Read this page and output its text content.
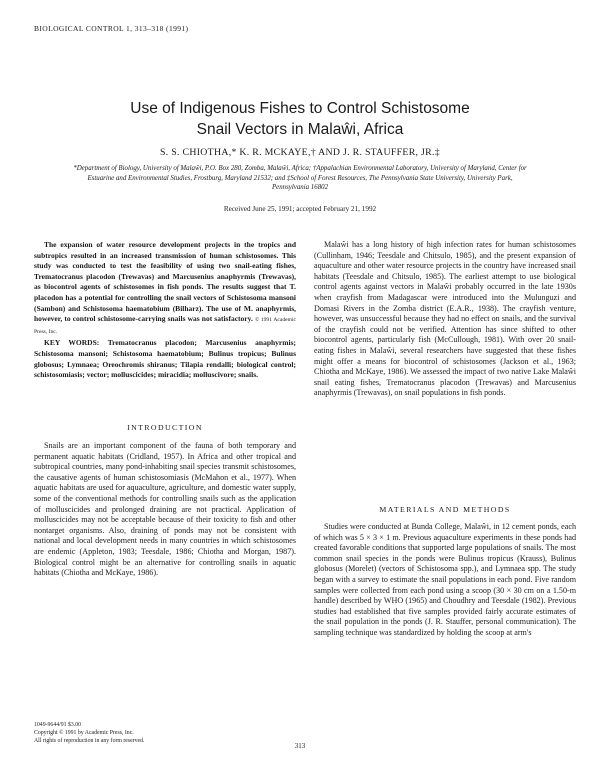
BIOLOGICAL CONTROL 1, 313–318 (1991)
Use of Indigenous Fishes to Control Schistosome
Snail Vectors in Malaŵi, Africa
S. S. CHIOTHA,* K. R. MCKAYE,† AND J. R. STAUFFER, JR.‡
*Department of Biology, University of Malaŵi, P.O. Box 280, Zomba, Malaŵi, Africa; †Appalachian Environmental Laboratory, University of Maryland, Center for Estuarine and Environmental Studies, Frostburg, Maryland 21532; and ‡School of Forest Resources, The Pennsylvania State University, University Park, Pennsylvania 16802
Received June 25, 1991; accepted February 21, 1992

The expansion of water resource development projects in the tropics and subtropics resulted in an increased transmission of human schistosomes. This study was conducted to test the feasibility of using two snail-eating fishes, Trematocranus placodon (Trewavas) and Marcusenius anaphyrmis (Trewavas), as biocontrol agents of schistosomes in fish ponds. The results suggest that T. placodon has a potential for controlling the snail vectors of Schistosoma mansoni (Sambon) and Schistosoma haematobium (Bilharz). The use of M. anaphyrmis, however, to control schistosome-carrying snails was not satisfactory. © 1991 Academic Press, Inc.

KEY WORDS: Trematocranus placodon; Marcusenius anaphyrmis; Schistosoma mansoni; Schistosoma haematobium; Bulinus tropicus; Bulinus globosus; Lymnaea; Oreochromis shiranus; Tilapia rendalli; biological control; schistosomiasis; vector; molluscicides; miracidia; molluscivore; snails.

INTRODUCTION

Snails are an important component of the fauna of both temporary and permanent aquatic habitats (Cridland, 1957). In Africa and other tropical and subtropical countries, many pond-inhabiting snail species transmit schistosomes, the causative agents of human schistosomiasis (McMahon et al., 1977). When aquatic habitats are used for aquaculture, agriculture, and domestic water supply, some of the conventional methods for controlling snails such as the application of molluscicides and prolonged draining are not practical. Application of molluscicides may not be acceptable because of their toxicity to fish and other nontarget organisms. Also, draining of ponds may not be consistent with national and local development needs in many countries in which schistosomes are endemic (Appleton, 1983; Teesdale, 1986; Chiotha and Morgan, 1987). Biological control might be an alternative for controlling snails in aquatic habitats (Chiotha and McKaye, 1986).

Malaŵi has a long history of high infection rates for human schistosomes (Cullinham, 1946; Teesdale and Chitsulo, 1985), and the present expansion of aquaculture and other water resource projects in the country have increased snail habitats (Teesdale and Chitsulo, 1985). The earliest attempt to use biological control agents against vectors in Malaŵi probably occurred in the late 1930s when crayfish from Madagascar were introduced into the Mulunguzi and Domasi Rivers in the Zomba district (E.A.R., 1938). The crayfish venture, however, was unsuccessful because they had no effect on snails, and the survival of the crayfish could not be verified. Attention has since shifted to other biocontrol agents, particularly fish (McCullough, 1981). With over 20 snail-eating fishes in Malaŵi, several researchers have suggested that these fishes might offer a means for biocontrol of schistosomes (Jackson et al., 1963; Chiotha and McKaye, 1986). We assessed the impact of two native Lake Malaŵi snail eating fishes, Trematocranus placodon (Trewavas) and Marcusenius anaphyrmis (Trewavas), on snail populations in fish ponds.

MATERIALS AND METHODS

Studies were conducted at Bunda College, Malaŵi, in 12 cement ponds, each of which was 5 × 3 × 1 m. Previous aquaculture experiments in these ponds had created favorable conditions that supported large populations of snails. The most common snail species in the ponds were Bulinus tropicus (Krauss), Bulinus globosus (Morelet) (vectors of Schistosoma spp.), and Lymnaea spp. The study began with a survey to estimate the snail populations in each pond. Five random samples were collected from each pond using a scoop (30 × 30 cm on a 1.50-m handle) described by WHO (1965) and Choudhry and Teesdale (1982). Previous studies had established that five samples provided fairly accurate estimates of the snail population in the ponds (J. R. Stauffer, personal communication). The sampling technique was standardized by holding the scoop at arm's

1049-9644/91 $3.00
Copyright © 1991 by Academic Press, Inc.
All rights of reproduction in any form reserved.
313
